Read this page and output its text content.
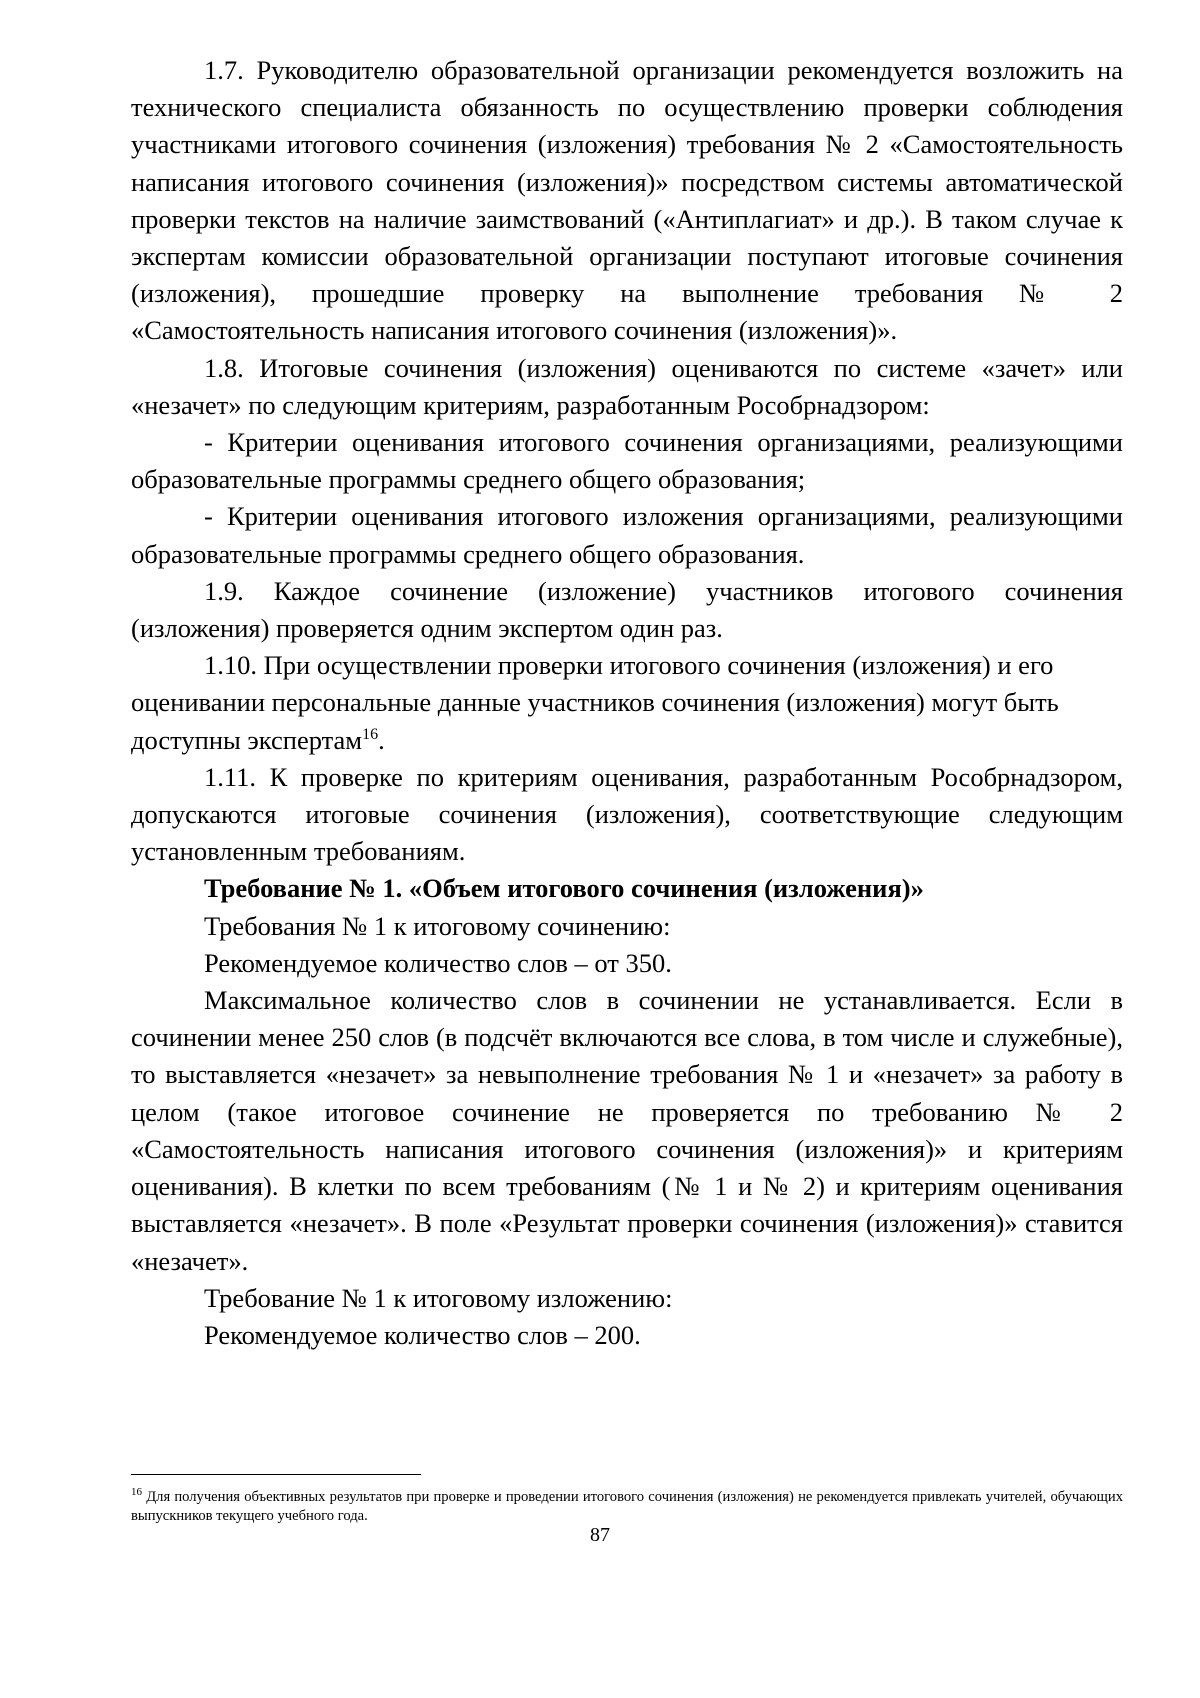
1.7. Руководителю образовательной организации рекомендуется возложить на технического специалиста обязанность по осуществлению проверки соблюдения участниками итогового сочинения (изложения) требования № 2 «Самостоятельность написания итогового сочинения (изложения)» посредством системы автоматической проверки текстов на наличие заимствований («Антиплагиат» и др.). В таком случае к экспертам комиссии образовательной организации поступают итоговые сочинения (изложения), прошедшие проверку на выполнение требования № 2 «Самостоятельность написания итогового сочинения (изложения)».

1.8. Итоговые сочинения (изложения) оцениваются по системе «зачет» или «незачет» по следующим критериям, разработанным Рособрнадзором:

- Критерии оценивания итогового сочинения организациями, реализующими образовательные программы среднего общего образования;

- Критерии оценивания итогового изложения организациями, реализующими образовательные программы среднего общего образования.

1.9. Каждое сочинение (изложение) участников итогового сочинения (изложения) проверяется одним экспертом один раз.

1.10. При осуществлении проверки итогового сочинения (изложения) и его оценивании персональные данные участников сочинения (изложения) могут быть доступны экспертам$^{16}$.

1.11. К проверке по критериям оценивания, разработанным Рособрнадзором, допускаются итоговые сочинения (изложения), соответствующие следующим установленным требованиям.

Требование № 1. «Объем итогового сочинения (изложения)»

Требования № 1 к итоговому сочинению:

Рекомендуемое количество слов – от 350.

Максимальное количество слов в сочинении не устанавливается. Если в сочинении менее 250 слов (в подсчёт включаются все слова, в том числе и служебные), то выставляется «незачет» за невыполнение требования № 1 и «незачет» за работу в целом (такое итоговое сочинение не проверяется по требованию № 2 «Самостоятельность написания итогового сочинения (изложения)» и критериям оценивания). В клетки по всем требованиям (№ 1 и № 2) и критериям оценивания выставляется «незачет». В поле «Результат проверки сочинения (изложения)» ставится «незачет».

Требование № 1 к итоговому изложению:

Рекомендуемое количество слов – 200.

$^{16}$ Для получения объективных результатов при проверке и проведении итогового сочинения (изложения) не рекомендуется привлекать учителей, обучающих выпускников текущего учебного года.

87
